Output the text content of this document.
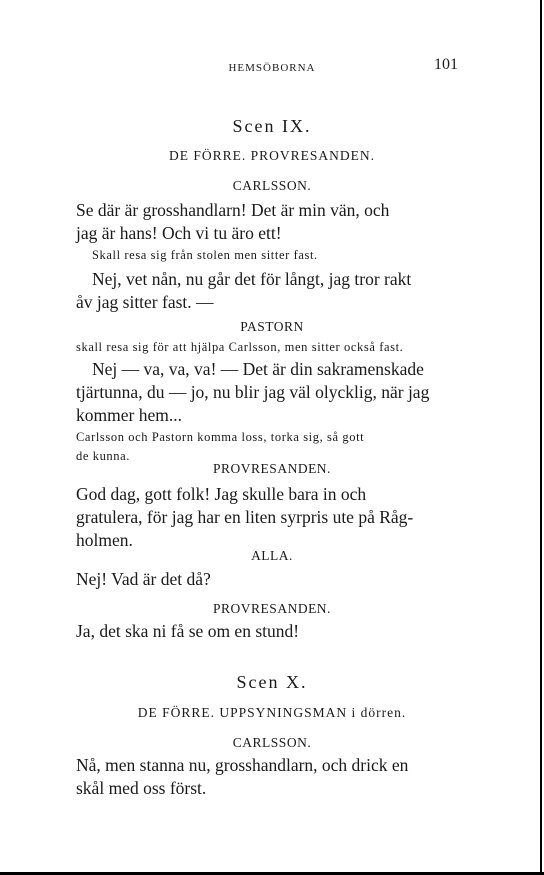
HEMSÖBORNA	101
Scen IX.
DE FÖRRE. PROVRESANDEN.
CARLSSON.
Se där är grosshandlarn! Det är min vän, och
jag är hans! Och vi tu äro ett!
Skall resa sig från stolen men sitter fast.
Nej, vet nån, nu går det för långt, jag tror rakt
åv jag sitter fast. —
PASTORN
skall resa sig för att hjälpa Carlsson, men sitter också fast.
Nej — va, va, va! — Det är din sakramenskade
tjärtunna, du — jo, nu blir jag väl olycklig, när jag
kommer hem...
Carlsson och Pastorn komma loss, torka sig, så gott
de kunna.
PROVRESANDEN.
God dag, gott folk! Jag skulle bara in och
gratulera, för jag har en liten syrpris ute på Råg-
holmen.
ALLA.
Nej! Vad är det då?
PROVRESANDEN.
Ja, det ska ni få se om en stund!
Scen X.
DE FÖRRE. UPPSYNINGSMAN i dörren.
CARLSSON.
Nå, men stanna nu, grosshandlarn, och drick en
skål med oss först.
